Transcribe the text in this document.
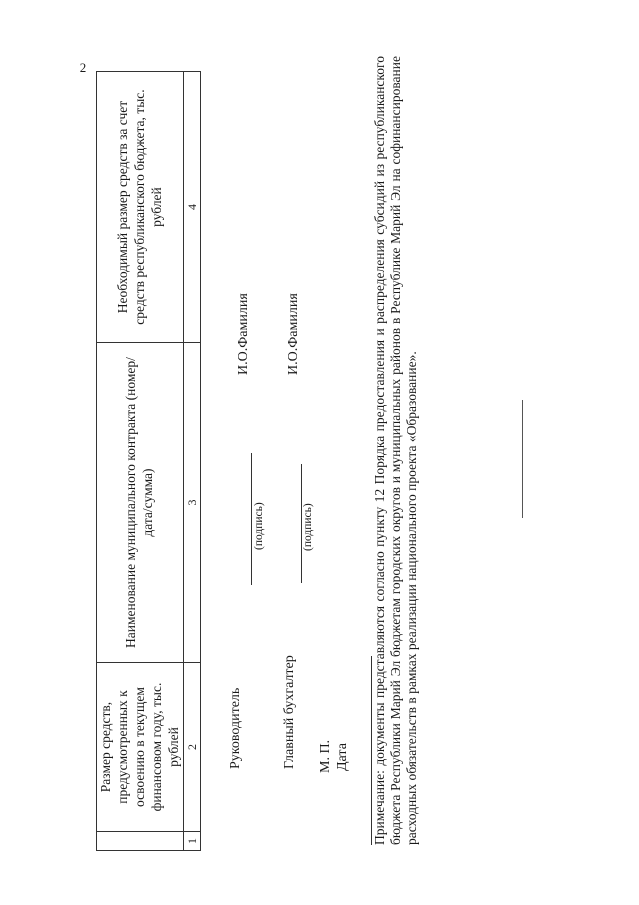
2
	Размер средств, предусмотренных к освоению в текущем финансовом году, тыс. рублей	Наименование муниципального контракта (номер/дата/сумма)	Необходимый размер средств за счет средств республиканского бюджета, тыс. рублей
1	2	3	4
Руководитель
(подпись)
И.О.Фамилия
Главный бухгалтер
(подпись)
И.О.Фамилия
М. П. Дата Примечание: документы представляются согласно пункту 12 Порядка предоставления и распределения субсидий из республиканского бюджета Республики Марий Эл бюджетам городских округов и муниципальных районов в Республике Марий Эл на софинансирование расходных обязательств в рамках реализации национального проекта «Образование».
